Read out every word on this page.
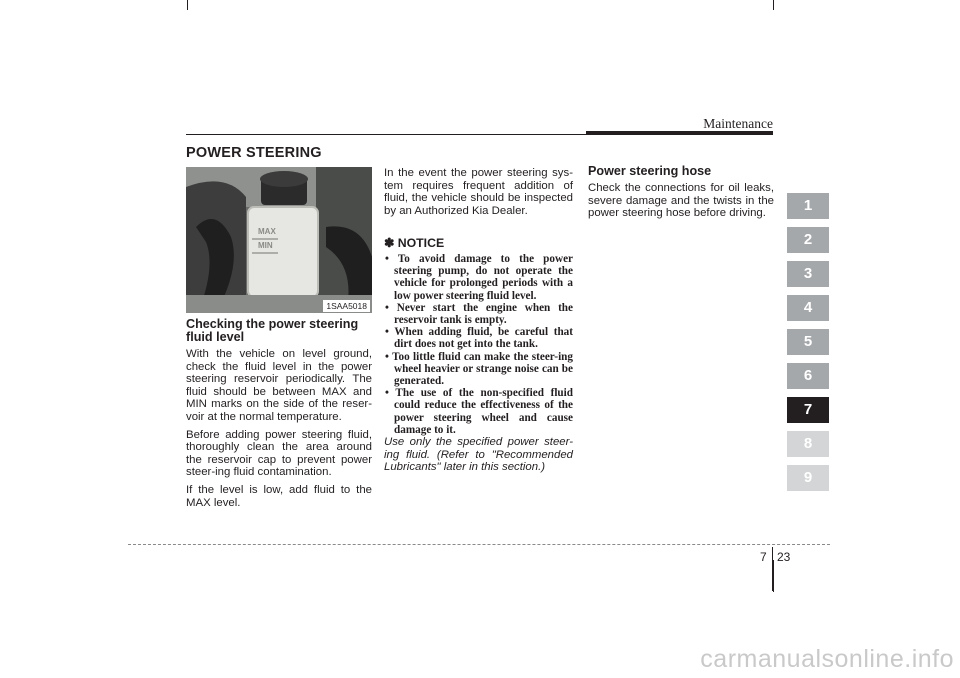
Maintenance
POWER STEERING
MAX
MIN
1SAA5018
Checking the power steering fluid level

With the vehicle on level ground, check the fluid level in the power steering reservoir periodically. The fluid should be between MAX and MIN marks on the side of the reser-voir at the normal temperature.

Before adding power steering fluid, thoroughly clean the area around the reservoir cap to prevent power steer-ing fluid contamination.

If the level is low, add fluid to the MAX level.

In the event the power steering sys-tem requires frequent addition of fluid, the vehicle should be inspected by an Authorized Kia Dealer.

✽ NOTICE
• To avoid damage to the power steering pump, do not operate the vehicle for prolonged periods with a low power steering fluid level.
• Never start the engine when the reservoir tank is empty.
• When adding fluid, be careful that dirt does not get into the tank.
• Too little fluid can make the steer-ing wheel heavier or strange noise can be generated.
• The use of the non-specified fluid could reduce the effectiveness of the power steering wheel and cause damage to it.

Use only the specified power steer-ing fluid. (Refer to "Recommended Lubricants" later in this section.)

Power steering hose

Check the connections for oil leaks, severe damage and the twists in the power steering hose before driving.	1
2
3
4
5
6
7
8
9
7 23
carmanualsonline.info
